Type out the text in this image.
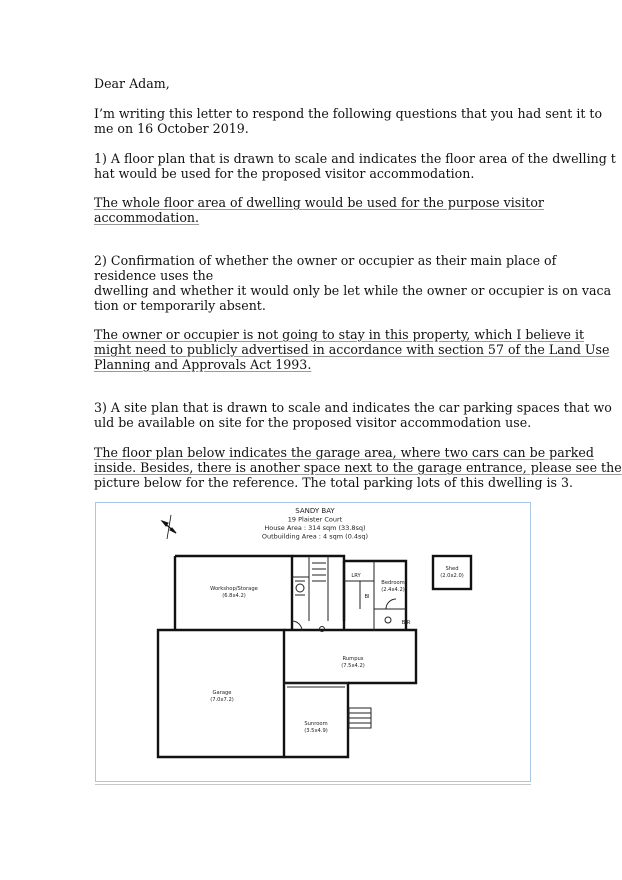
Dear Adam,
I’m writing this letter to respond the following questions that you had sent it to
me on 16 October 2019.
1) A floor plan that is drawn to scale and indicates the floor area of the dwelling t
hat would be used for the proposed visitor accommodation.
The whole floor area of dwelling would be used for the purpose visitor
accommodation.
2) Confirmation of whether the owner or occupier as their main place of
residence uses the
dwelling and whether it would only be let while the owner or occupier is on vaca
tion or temporarily absent.
The owner or occupier is not going to stay in this property, which I believe it
might need to publicly advertised in accordance with section 57 of the Land Use
Planning and Approvals Act 1993.
3) A site plan that is drawn to scale and indicates the car parking spaces that wo
uld be available on site for the proposed visitor accommodation use.
The floor plan below indicates the garage area, where two cars can be parked
inside. Besides, there is another space next to the garage entrance, please see the
picture below for the reference. The total parking lots of this dwelling is 3.
SANDY BAY
19 Plaister Court
House Area : 314 sqm (33.8sq)
Outbuilding Area : 4 sqm (0.4sq)
Workshop/Storage
(6.8x4.2)
LRY
Bedroom
(2.4x4.2)
BI
BIR
Shed
(2.0x2.0)
Rumpus
(7.5x4.2)
Garage
(7.0x7.2)
Sunroom
(3.5x4.9)
